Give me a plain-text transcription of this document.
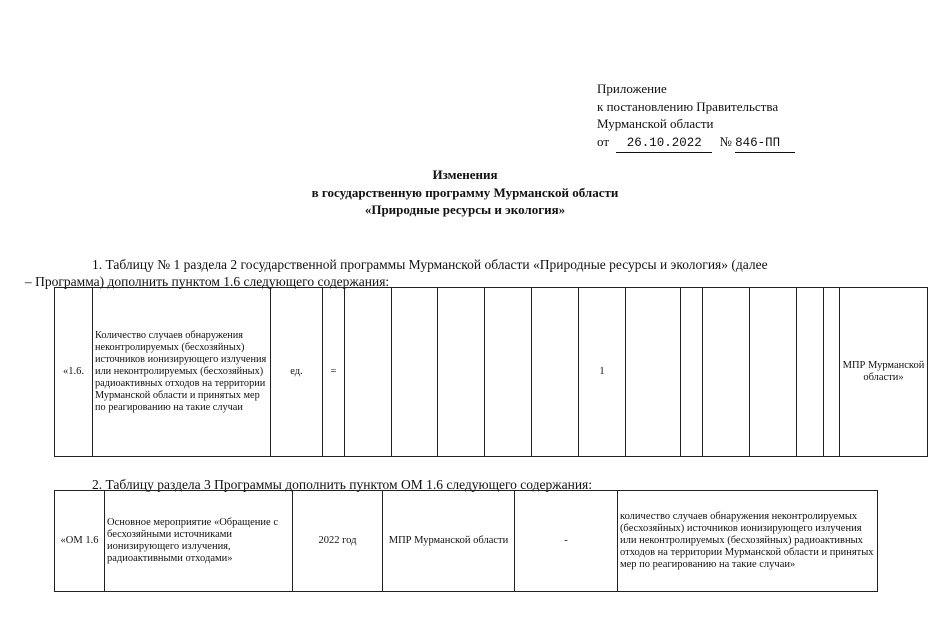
Приложение
к постановлению Правительства
Мурманской области
от 26.10.2022 № 846-ПП
Изменения
в государственную программу Мурманской области
«Природные ресурсы и экология»
1. Таблицу № 1 раздела 2 государственной программы Мурманской области «Природные ресурсы и экология» (далее
– Программа) дополнить пунктом 1.6 следующего содержания:
«1.6.	Количество случаев обнаружения неконтролируемых (бесхозяйных) источников ионизирующего излучения или неконтролируемых (бесхозяйных) радиоактивных отходов на территории Мурманской области и принятых мер по реагированию на такие случаи	ед.	=						1							МПР Мурманской области»
2. Таблицу раздела 3 Программы дополнить пунктом ОМ 1.6 следующего содержания:
«ОМ 1.6	Основное мероприятие «Обращение с бесхозяйными источниками ионизирующего излучения, радиоактивными отходами»	2022 год	МПР Мурманской области	-	количество случаев обнаружения неконтролируемых (бесхозяйных) источников ионизирующего излучения или неконтролируемых (бесхозяйных) радиоактивных отходов на территории Мурманской области и принятых мер по реагированию на такие случаи»
